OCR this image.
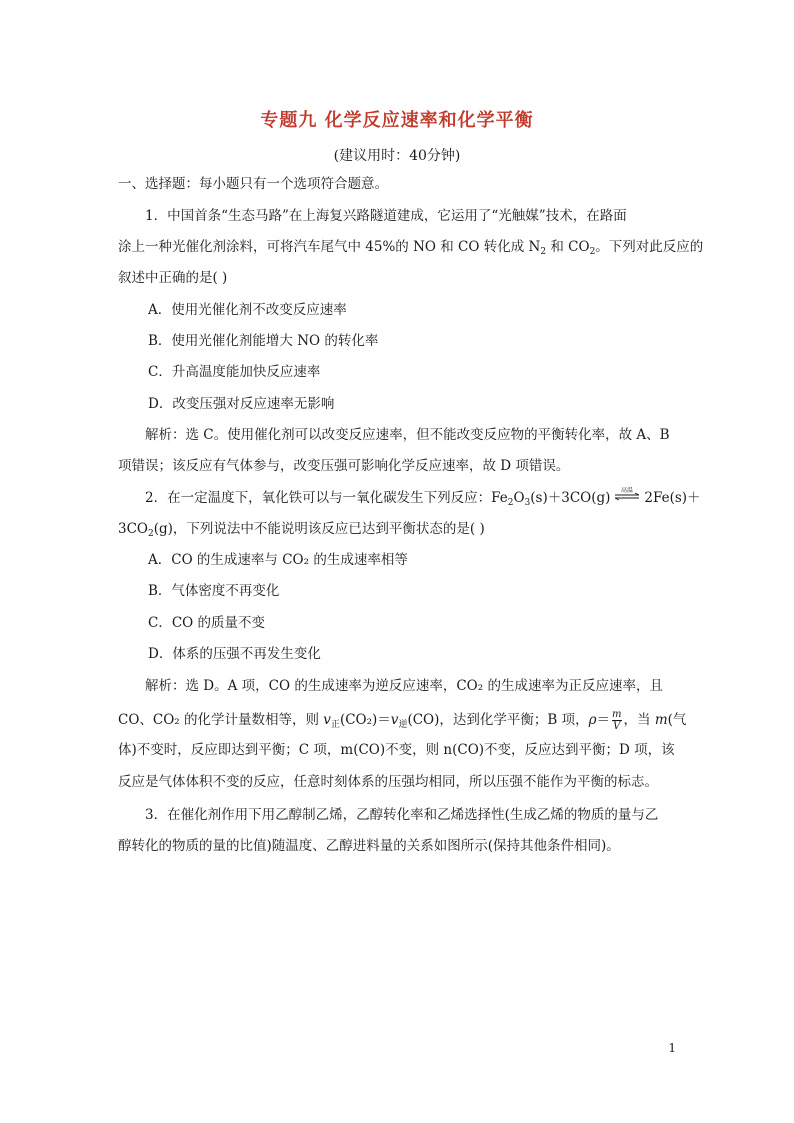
专题九 化学反应速率和化学平衡
(建议用时：40分钟)
一、选择题：每小题只有一个选项符合题意。
1．中国首条“生态马路”在上海复兴路隧道建成，它运用了“光触媒”技术，在路面
涂上一种光催化剂涂料，可将汽车尾气中 45%的 NO 和 CO 转化成 $N_2$ 和 $CO_2$。下列对此反应的
叙述中正确的是( )
A．使用光催化剂不改变反应速率
B．使用光催化剂能增大 NO 的转化率
C．升高温度能加快反应速率
D．改变压强对反应速率无影响
解析：选 C。使用催化剂可以改变反应速率，但不能改变反应物的平衡转化率，故 A、B
项错误；该反应有气体参与，改变压强可影响化学反应速率，故 D 项错误。
2．在一定温度下，氧化铁可以与一氧化碳发生下列反应：$Fe_2O_3(s)+3CO(g)$ 高温 2Fe(s)＋
$3CO_2(g)$，下列说法中不能说明该反应已达到平衡状态的是( )
A．CO 的生成速率与 CO₂ 的生成速率相等
B．气体密度不再变化
C．CO 的质量不变
D．体系的压强不再发生变化
解析：选 D。A 项，CO 的生成速率为逆反应速率，CO₂ 的生成速率为正反应速率，且
CO、CO₂ 的化学计量数相等，则 $v_正(CO_2)=v_逆(CO)$，达到化学平衡；B 项，$\rho= \frac{m}{V}$ ，当 m(气
体)不变时，反应即达到平衡；C 项，m(CO)不变，则 n(CO)不变，反应达到平衡；D 项，该
反应是气体体积不变的反应，任意时刻体系的压强均相同，所以压强不能作为平衡的标志。
3．在催化剂作用下用乙醇制乙烯，乙醇转化率和乙烯选择性(生成乙烯的物质的量与乙
醇转化的物质的量的比值)随温度、乙醇进料量的关系如图所示(保持其他条件相同)。
1
